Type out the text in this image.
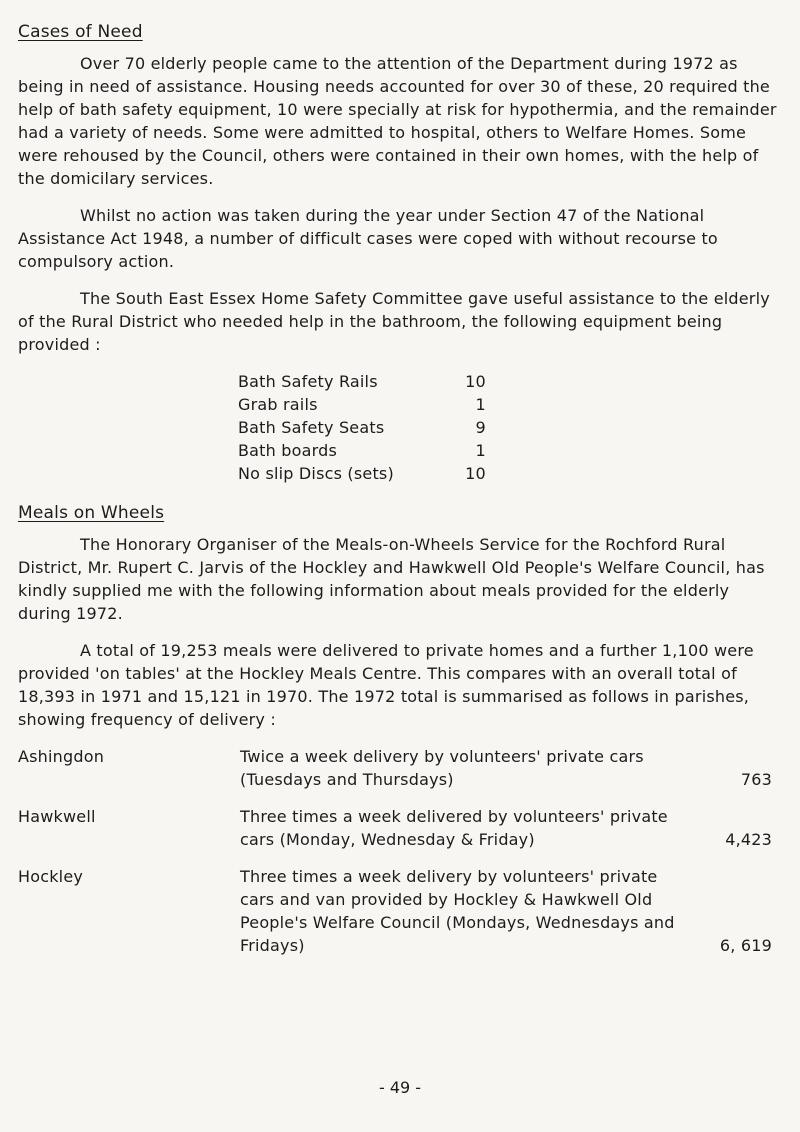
Cases of Need

Over 70 elderly people came to the attention of the Department during 1972 as being in need of assistance. Housing needs accounted for over 30 of these, 20 required the help of bath safety equipment, 10 were specially at risk for hypothermia, and the remainder had a variety of needs. Some were admitted to hospital, others to Welfare Homes. Some were rehoused by the Council, others were contained in their own homes, with the help of the domicilary services.

Whilst no action was taken during the year under Section 47 of the National Assistance Act 1948, a number of difficult cases were coped with without recourse to compulsory action.

The South East Essex Home Safety Committee gave useful assistance to the elderly of the Rural District who needed help in the bathroom, the following equipment being provided :

Bath Safety Rails	10
Grab rails	1
Bath Safety Seats	9
Bath boards	1
No slip Discs (sets)	10
Meals on Wheels

The Honorary Organiser of the Meals-on-Wheels Service for the Rochford Rural District, Mr. Rupert C. Jarvis of the Hockley and Hawkwell Old People's Welfare Council, has kindly supplied me with the following information about meals provided for the elderly during 1972.

A total of 19,253 meals were delivered to private homes and a further 1,100 were provided 'on tables' at the Hockley Meals Centre. This compares with an overall total of 18,393 in 1971 and 15,121 in 1970. The 1972 total is summarised as follows in parishes, showing frequency of delivery :

Ashingdon	Twice a week delivery by volunteers' private cars (Tuesdays and Thursdays)	763
Hawkwell	Three times a week delivered by volunteers' private cars (Monday, Wednesday & Friday)	4,423
Hockley	Three times a week delivery by volunteers' private cars and van provided by Hockley & Hawkwell Old People's Welfare Council (Mondays, Wednesdays and Fridays)	6, 619
- 49 -
